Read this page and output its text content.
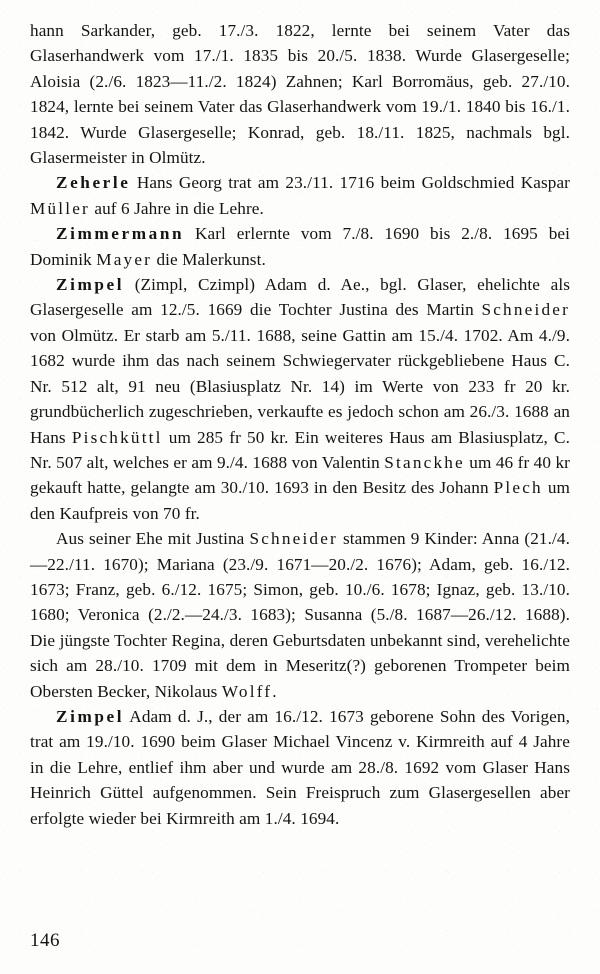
hann Sarkander, geb. 17./3. 1822, lernte bei seinem Vater das Glaserhandwerk vom 17./1. 1835 bis 20./5. 1838. Wurde Glasergeselle; Aloisia (2./6. 1823—11./2. 1824) Zahnen; Karl Borromäus, geb. 27./10. 1824, lernte bei seinem Vater das Glaserhandwerk vom 19./1. 1840 bis 16./1. 1842. Wurde Glasergeselle; Konrad, geb. 18./11. 1825, nachmals bgl. Glasermeister in Olmütz.

Zeherle Hans Georg trat am 23./11. 1716 beim Goldschmied Kaspar Müller auf 6 Jahre in die Lehre.

Zimmermann Karl erlernte vom 7./8. 1690 bis 2./8. 1695 bei Dominik Mayer die Malerkunst.

Zimpel (Zimpl, Czimpl) Adam d. Ae., bgl. Glaser, ehelichte als Glasergeselle am 12./5. 1669 die Tochter Justina des Martin Schneider von Olmütz. Er starb am 5./11. 1688, seine Gattin am 15./4. 1702. Am 4./9. 1682 wurde ihm das nach seinem Schwiegervater rückgebliebene Haus C. Nr. 512 alt, 91 neu (Blasiusplatz Nr. 14) im Werte von 233 fr 20 kr. grundbücherlich zugeschrieben, verkaufte es jedoch schon am 26./3. 1688 an Hans Pischküttl um 285 fr 50 kr. Ein weiteres Haus am Blasiusplatz, C. Nr. 507 alt, welches er am 9./4. 1688 von Valentin Stanckhe um 46 fr 40 kr gekauft hatte, gelangte am 30./10. 1693 in den Besitz des Johann Plech um den Kaufpreis von 70 fr.

Aus seiner Ehe mit Justina Schneider stammen 9 Kinder: Anna (21./4.—22./11. 1670); Mariana (23./9. 1671—20./2. 1676); Adam, geb. 16./12. 1673; Franz, geb. 6./12. 1675; Simon, geb. 10./6. 1678; Ignaz, geb. 13./10. 1680; Veronica (2./2.—24./3. 1683); Susanna (5./8. 1687—26./12. 1688). Die jüngste Tochter Regina, deren Geburtsdaten unbekannt sind, verehelichte sich am 28./10. 1709 mit dem in Meseritz(?) geborenen Trompeter beim Obersten Becker, Nikolaus Wolff.

Zimpel Adam d. J., der am 16./12. 1673 geborene Sohn des Vorigen, trat am 19./10. 1690 beim Glaser Michael Vincenz v. Kirmreith auf 4 Jahre in die Lehre, entlief ihm aber und wurde am 28./8. 1692 vom Glaser Hans Heinrich Güttel aufgenommen. Sein Freispruch zum Glasergesellen aber erfolgte wieder bei Kirmreith am 1./4. 1694.

146
